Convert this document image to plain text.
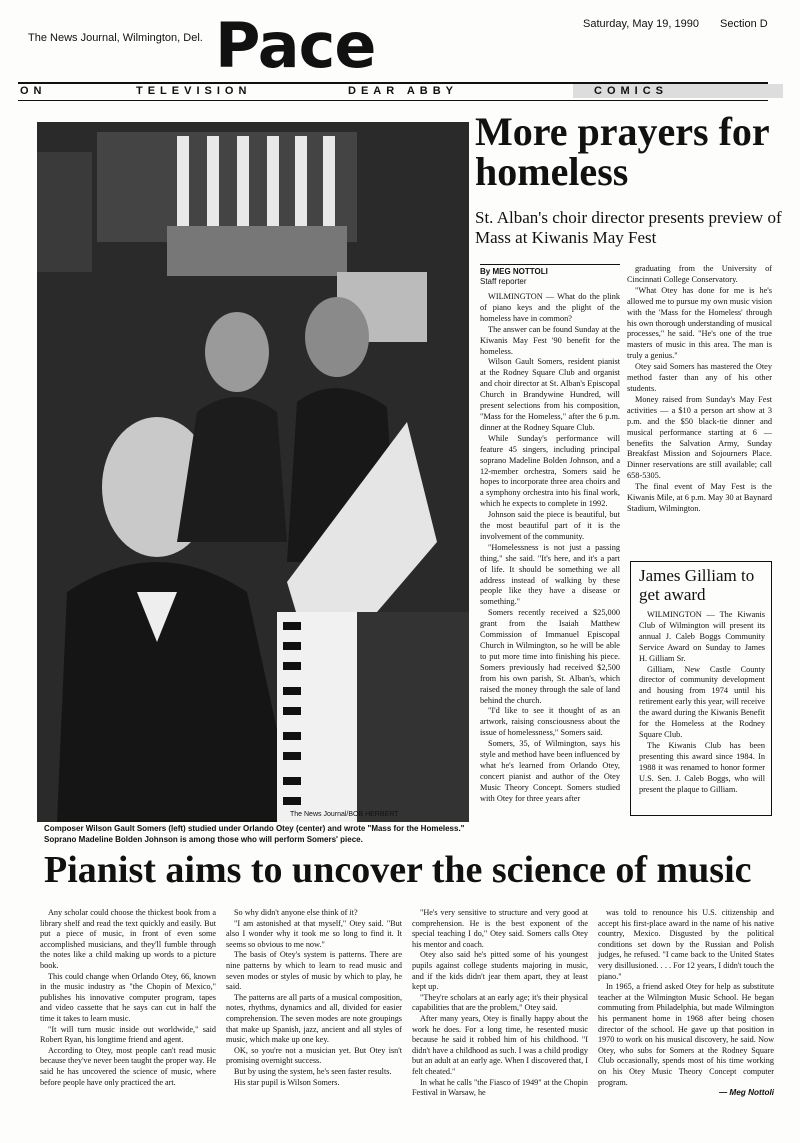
The News Journal, Wilmington, Del. Pace	Saturday, May 19, 1990 Section D
ON	TELEVISION	DEAR ABBY	COMICS
The News Journal/BOB HERBERT
Composer Wilson Gault Somers (left) studied under Orlando Otey (center) and wrote "Mass for the Homeless." Soprano Madeline Bolden Johnson is among those who will perform Somers' piece.
More prayers for homeless
St. Alban's choir director presents preview of Mass at Kiwanis May Fest
By MEG NOTTOLI
Staff reporter

WILMINGTON — What do the plink of piano keys and the plight of the homeless have in common?

The answer can be found Sunday at the Kiwanis May Fest '90 benefit for the homeless.

Wilson Gault Somers, resident pianist at the Rodney Square Club and organist and choir director at St. Alban's Episcopal Church in Brandywine Hundred, will present selections from his composition, "Mass for the Homeless," after the 6 p.m. dinner at the Rodney Square Club.

While Sunday's performance will feature 45 singers, including principal soprano Madeline Bolden Johnson, and a 12-member orchestra, Somers said he hopes to incorporate three area choirs and a symphony orchestra into his final work, which he expects to complete in 1992.

Johnson said the piece is beautiful, but the most beautiful part of it is the involvement of the community.

"Homelessness is not just a passing thing," she said. "It's here, and it's a part of life. It should be something we all address instead of walking by these people like they have a disease or something."

Somers recently received a $25,000 grant from the Isaiah Matthew Commission of Immanuel Episcopal Church in Wilmington, so he will be able to put more time into finishing his piece. Somers previously had received $2,500 from his own parish, St. Alban's, which raised the money through the sale of land behind the church.

"I'd like to see it thought of as an artwork, raising consciousness about the issue of homelessness," Somers said.

Somers, 35, of Wilmington, says his style and method have been influenced by what he's learned from Orlando Otey, concert pianist and author of the Otey Music Theory Concept. Somers studied with Otey for three years after

graduating from the University of Cincinnati College Conservatory.

"What Otey has done for me is he's allowed me to pursue my own music vision with the 'Mass for the Homeless' through his own thorough understanding of musical processes," he said. "He's one of the true masters of music in this area. The man is truly a genius."

Otey said Somers has mastered the Otey method faster than any of his other students.

Money raised from Sunday's May Fest activities — a $10 a person art show at 3 p.m. and the $50 black-tie dinner and musical performance starting at 6 — benefits the Salvation Army, Sunday Breakfast Mission and Sojourners Place. Dinner reservations are still available; call 658-5305.

The final event of May Fest is the Kiwanis Mile, at 6 p.m. May 30 at Baynard Stadium, Wilmington.

James Gilliam to get award

WILMINGTON — The Kiwanis Club of Wilmington will present its annual J. Caleb Boggs Community Service Award on Sunday to James H. Gilliam Sr.

Gilliam, New Castle County director of community development and housing from 1974 until his retirement early this year, will receive the award during the Kiwanis Benefit for the Homeless at the Rodney Square Club.

The Kiwanis Club has been presenting this award since 1984. In 1988 it was renamed to honor former U.S. Sen. J. Caleb Boggs, who will present the plaque to Gilliam.

Pianist aims to uncover the science of music

Any scholar could choose the thickest book from a library shelf and read the text quickly and easily. But put a piece of music, in front of even some accomplished musicians, and they'll fumble through the notes like a child making up words to a picture book.

This could change when Orlando Otey, 66, known in the music industry as "the Chopin of Mexico," publishes his innovative computer program, tapes and video cassette that he says can cut in half the time it takes to learn music.

"It will turn music inside out worldwide," said Robert Ryan, his longtime friend and agent.

According to Otey, most people can't read music because they've never been taught the proper way. He said he has uncovered the science of music, where before people have only practiced the art.

So why didn't anyone else think of it?

"I am astonished at that myself," Otey said. "But also I wonder why it took me so long to find it. It seems so obvious to me now."

The basis of Otey's system is patterns. There are nine patterns by which to learn to read music and seven modes or styles of music by which to play, he said.

The patterns are all parts of a musical composition, notes, rhythms, dynamics and all, divided for easier comprehension. The seven modes are note groupings that make up Spanish, jazz, ancient and all styles of music, which make up one key.

OK, so you're not a musician yet. But Otey isn't promising overnight success.

But by using the system, he's seen faster results.

His star pupil is Wilson Somers.

"He's very sensitive to structure and very good at comprehension. He is the best exponent of the special teaching I do," Otey said. Somers calls Otey his mentor and coach.

Otey also said he's pitted some of his youngest pupils against college students majoring in music, and if the kids didn't jear them apart, they at least kept up.

"They're scholars at an early age; it's their physical capabilities that are the problem," Otey said.

After many years, Otey is finally happy about the work he does. For a long time, he resented music because he said it robbed him of his childhood. "I didn't have a childhood as such. I was a child prodigy but an adult at an early age. When I discovered that, I felt cheated."

In what he calls "the Fiasco of 1949" at the Chopin Festival in Warsaw, he

was told to renounce his U.S. citizenship and accept his first-place award in the name of his native country, Mexico. Disgusted by the political conditions set down by the Russian and Polish judges, he refused. "I came back to the United States very disillusioned. . . . For 12 years, I didn't touch the piano."

In 1965, a friend asked Otey for help as substitute teacher at the Wilmington Music School. He began commuting from Philadelphia, but made Wilmington his permanent home in 1968 after being chosen director of the school. He gave up that position in 1970 to work on his musical discovery, he said. Now Otey, who subs for Somers at the Rodney Square Club occasionally, spends most of his time working on his Otey Music Theory Concept computer program.

— Meg Nottoli
